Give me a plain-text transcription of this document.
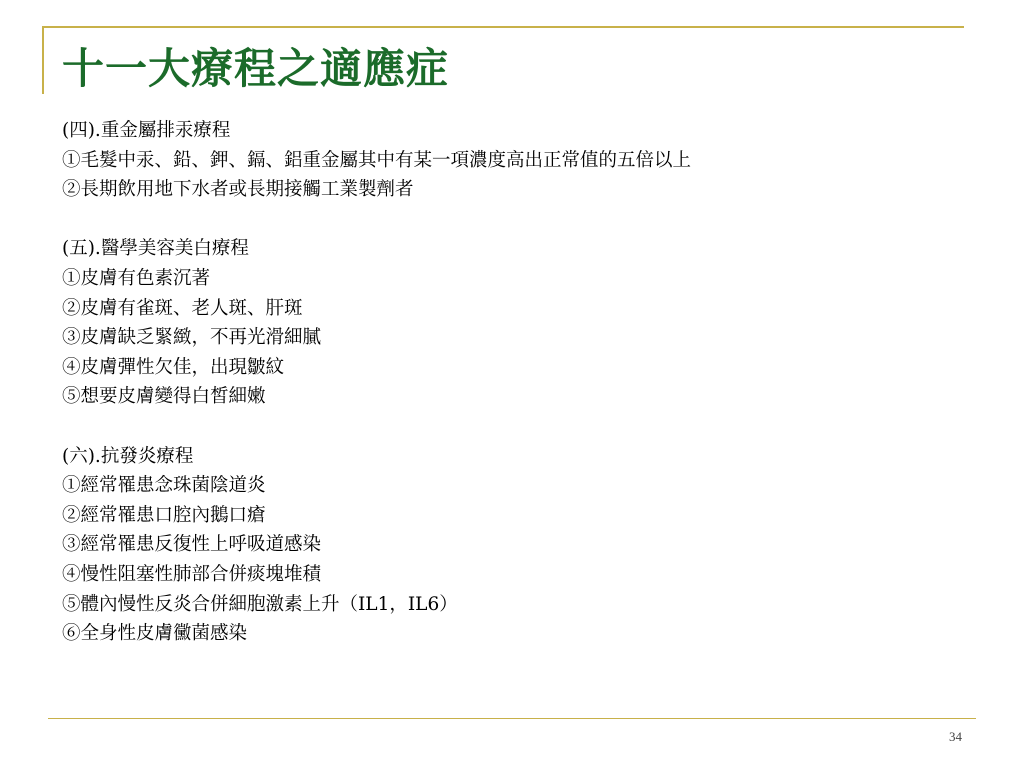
十一大療程之適應症
(四).重金屬排汞療程
①毛髮中汞、鉛、鉀、鎘、鋁重金屬其中有某一項濃度高出正常值的五倍以上
②長期飲用地下水者或長期接觸工業製劑者
(五).醫學美容美白療程
①皮膚有色素沉著
②皮膚有雀斑、老人斑、肝斑
③皮膚缺乏緊緻，不再光滑細膩
④皮膚彈性欠佳，出現皺紋
⑤想要皮膚變得白皙細嫩
(六).抗發炎療程
①經常罹患念珠菌陰道炎
②經常罹患口腔內鵝口瘡
③經常罹患反復性上呼吸道感染
④慢性阻塞性肺部合併痰塊堆積
⑤體內慢性反炎合併細胞激素上升（IL1，IL6）
⑥全身性皮膚黴菌感染
34
